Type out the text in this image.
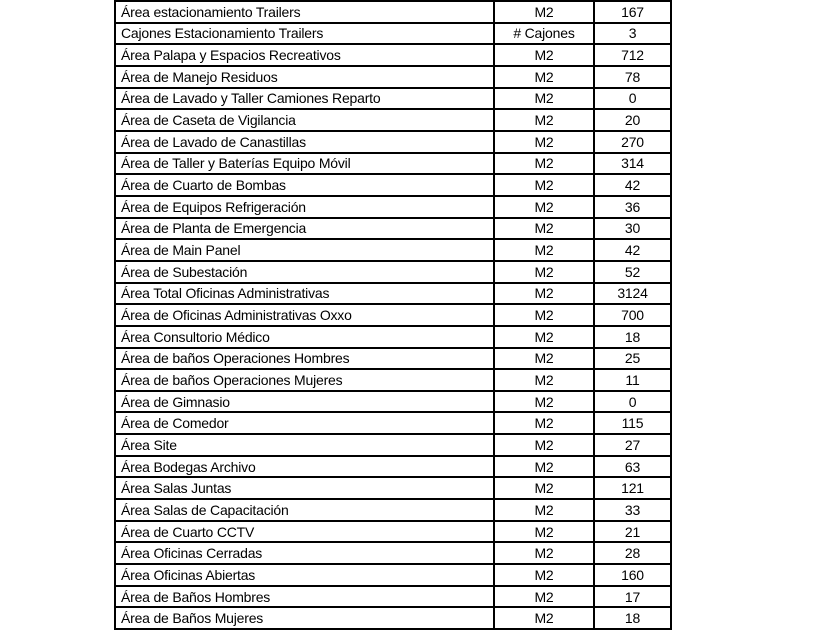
Área estacionamiento Trailers	M2	167
Cajones Estacionamiento Trailers	# Cajones	3
Área Palapa y Espacios Recreativos	M2	712
Área de Manejo Residuos	M2	78
Área de Lavado y Taller Camiones Reparto	M2	0
Área de Caseta de Vigilancia	M2	20
Área de Lavado de Canastillas	M2	270
Área de Taller y Baterías Equipo Móvil	M2	314
Área de Cuarto de Bombas	M2	42
Área de Equipos Refrigeración	M2	36
Área de Planta de Emergencia	M2	30
Área de Main Panel	M2	42
Área de Subestación	M2	52
Área Total Oficinas Administrativas	M2	3124
Área de Oficinas Administrativas Oxxo	M2	700
Área Consultorio Médico	M2	18
Área de baños Operaciones Hombres	M2	25
Área de baños Operaciones Mujeres	M2	11
Área de Gimnasio	M2	0
Área de Comedor	M2	115
Área Site	M2	27
Área Bodegas Archivo	M2	63
Área Salas Juntas	M2	121
Área Salas de Capacitación	M2	33
Área de Cuarto CCTV	M2	21
Área Oficinas Cerradas	M2	28
Área Oficinas Abiertas	M2	160
Área de Baños Hombres	M2	17
Área de Baños Mujeres	M2	18
